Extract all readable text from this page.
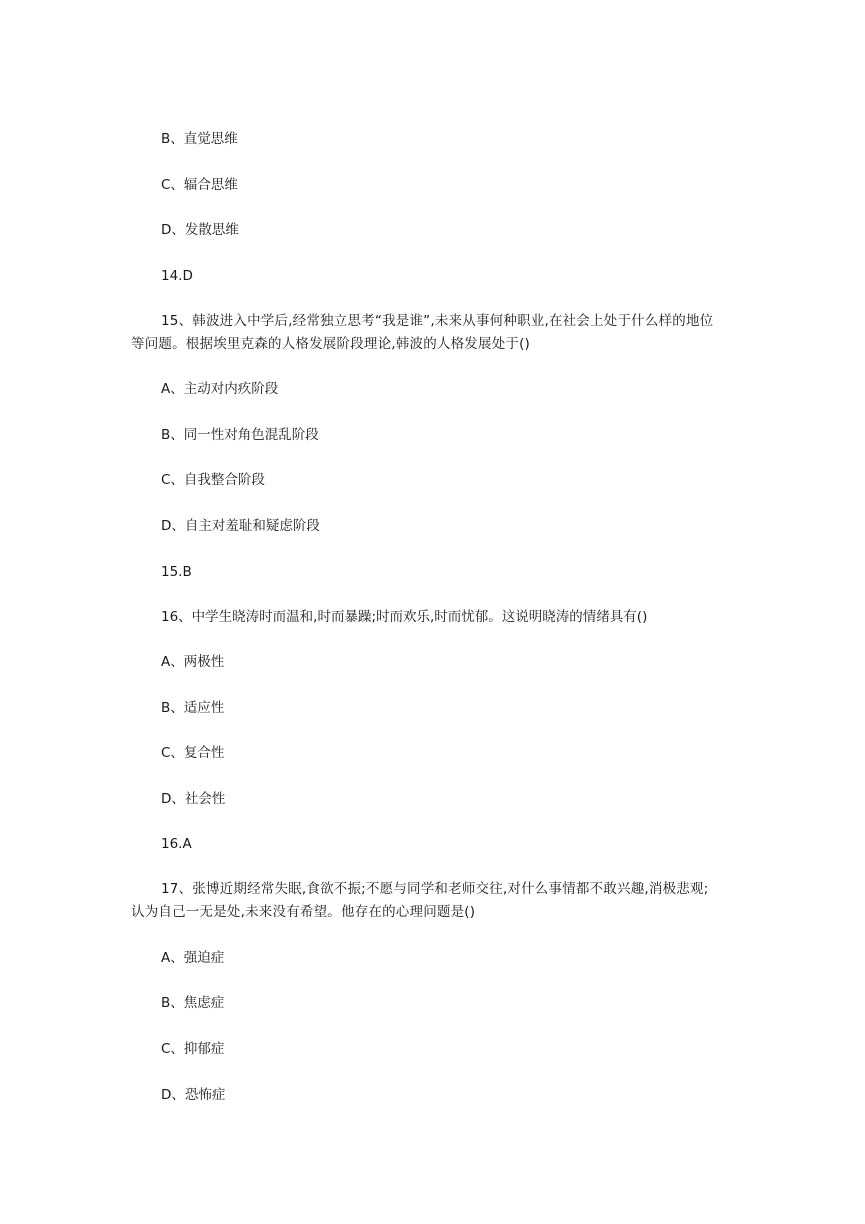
B、直觉思维
C、辐合思维
D、发散思维
14.D
15、韩波进入中学后,经常独立思考“我是谁”,未来从事何种职业,在社会上处于什么样的地位等问题。根据埃里克森的人格发展阶段理论,韩波的人格发展处于()
A、主动对内疚阶段
B、同一性对角色混乱阶段
C、自我整合阶段
D、自主对羞耻和疑虑阶段
15.B
16、中学生晓涛时而温和,时而暴躁;时而欢乐,时而忧郁。这说明晓涛的情绪具有()
A、两极性
B、适应性
C、复合性
D、社会性
16.A
17、张博近期经常失眠,食欲不振;不愿与同学和老师交往,对什么事情都不敢兴趣,消极悲观;认为自己一无是处,未来没有希望。他存在的心理问题是()
A、强迫症
B、焦虑症
C、抑郁症
D、恐怖症
